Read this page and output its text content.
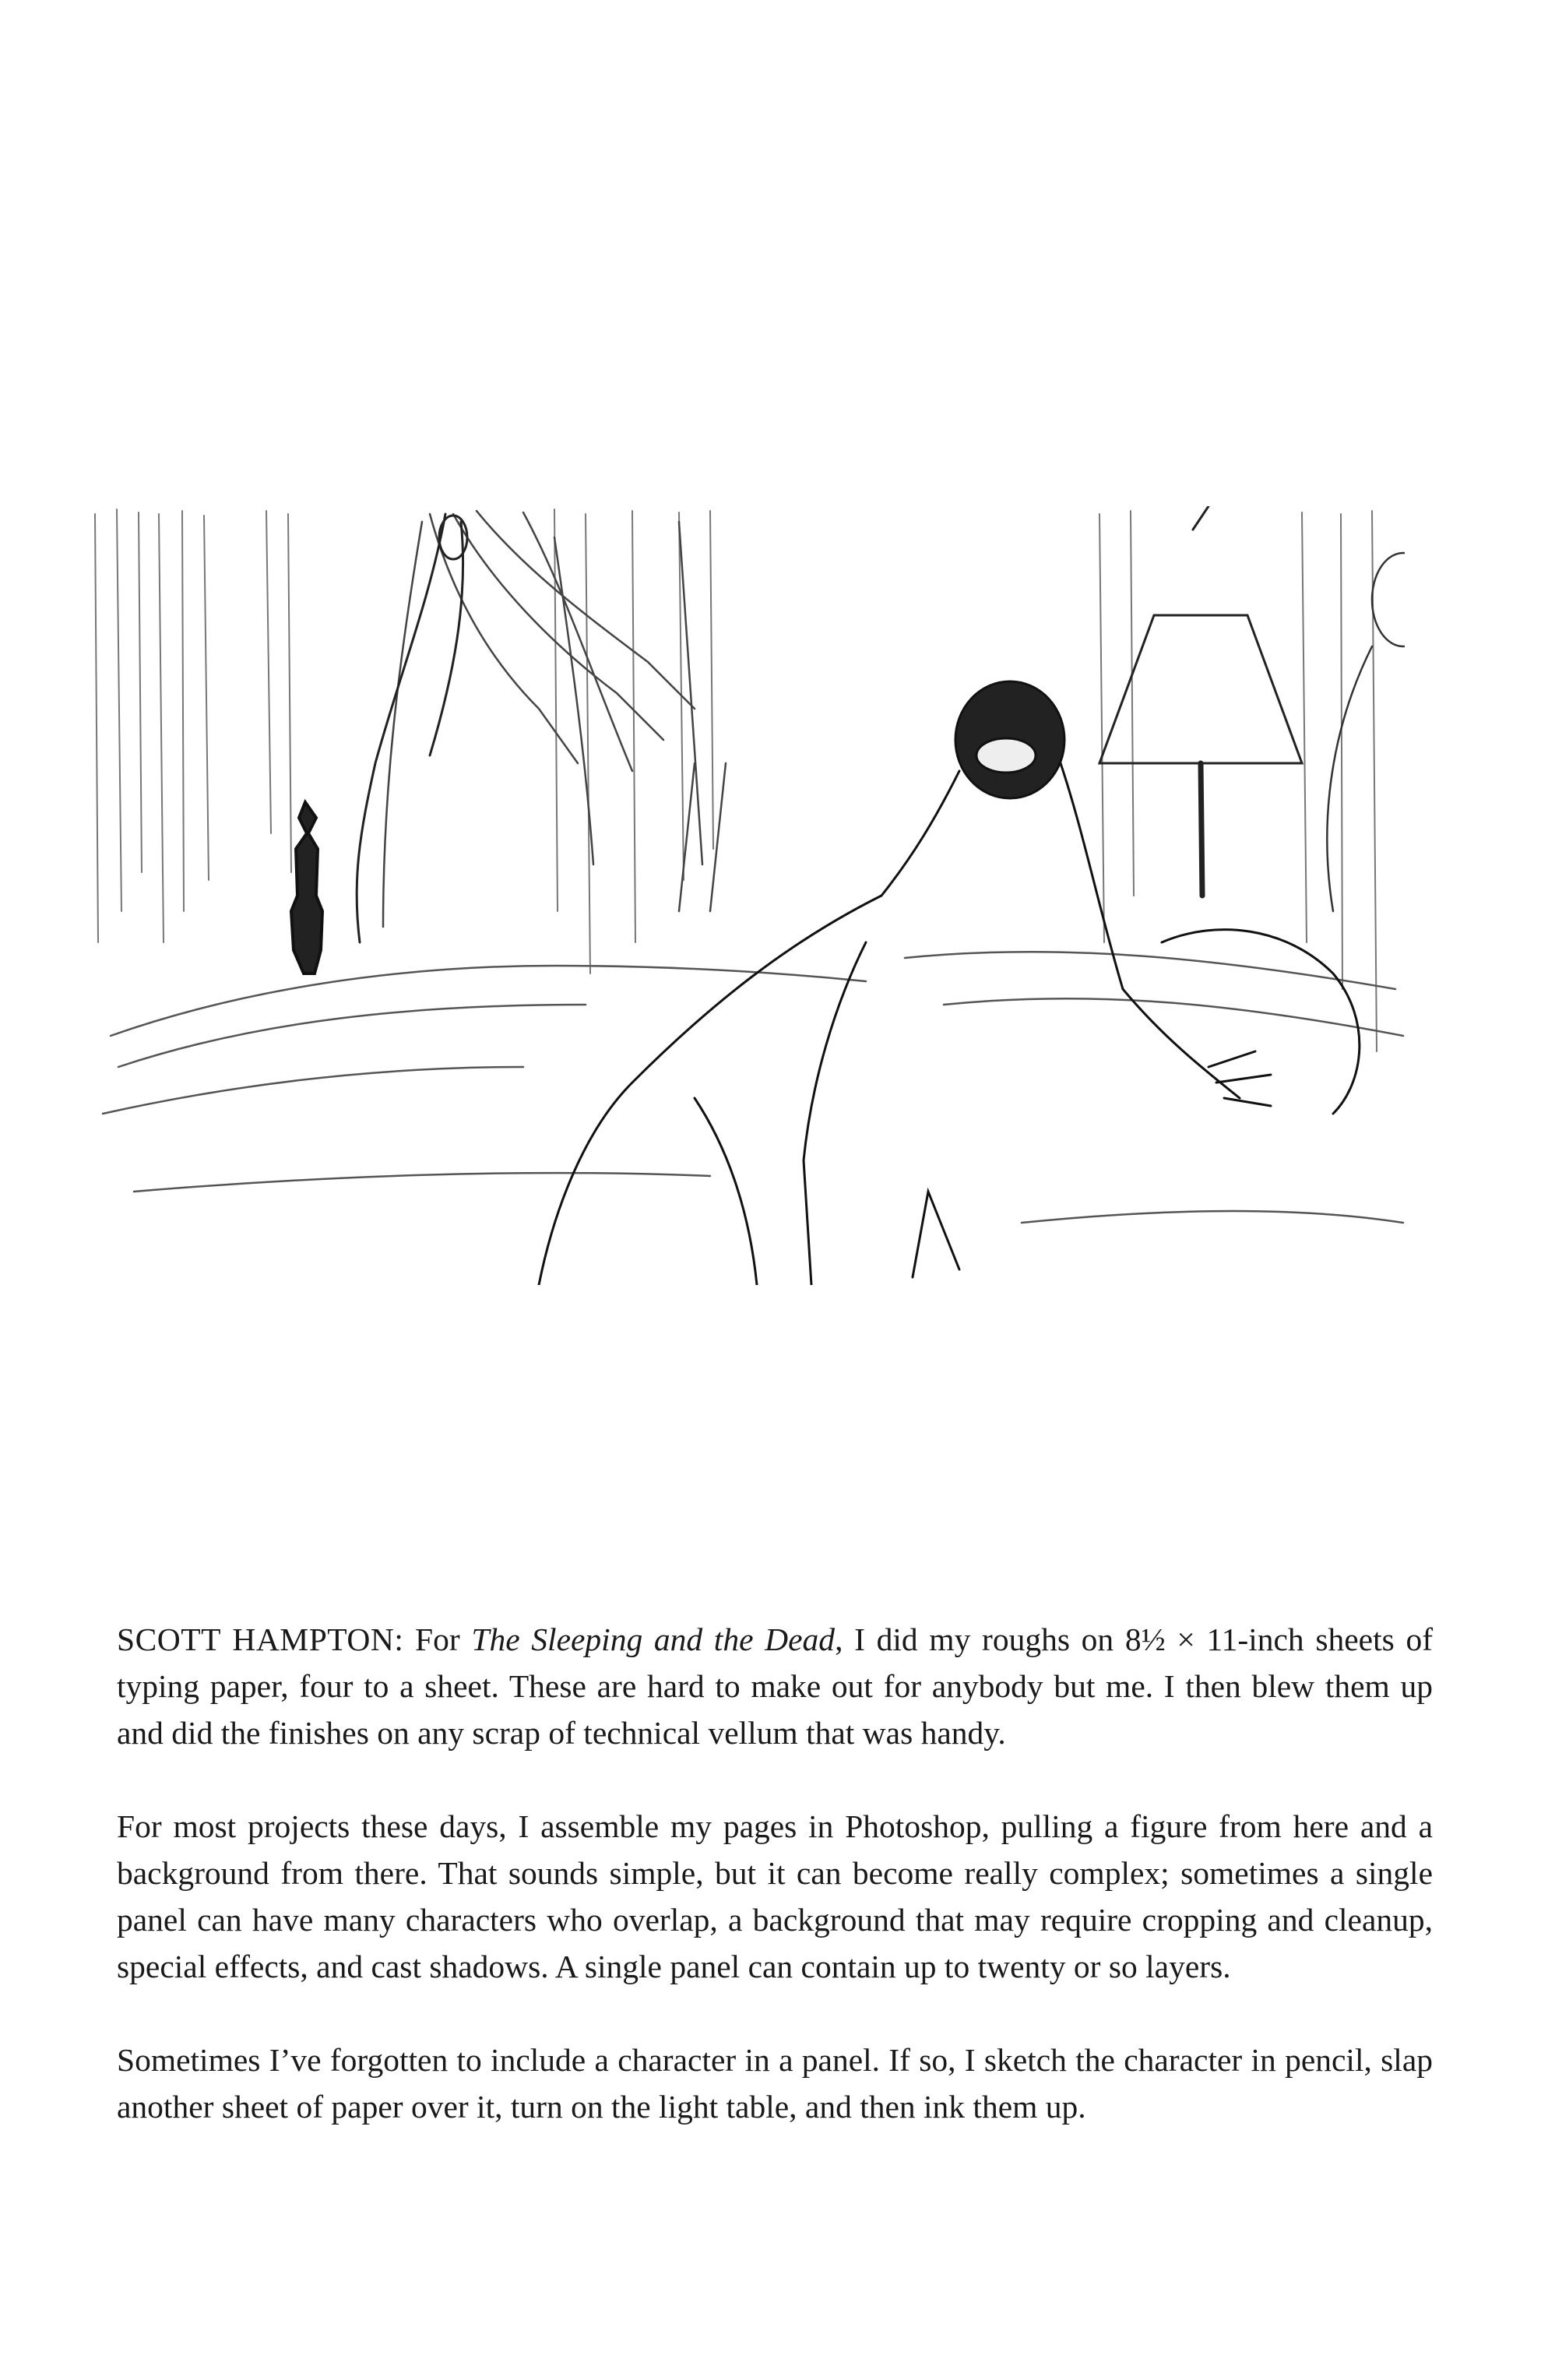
SCOTT HAMPTON: For The Sleeping and the Dead, I did my roughs on 8½ × 11-inch sheets of typing paper, four to a sheet. These are hard to make out for anybody but me. I then blew them up and did the finishes on any scrap of technical vellum that was handy.

For most projects these days, I assemble my pages in Photoshop, pulling a figure from here and a background from there. That sounds simple, but it can become really complex; sometimes a single panel can have many characters who overlap, a background that may require cropping and cleanup, special effects, and cast shadows. A single panel can contain up to twenty or so layers.

Sometimes I’ve forgotten to include a character in a panel. If so, I sketch the character in pencil, slap another sheet of paper over it, turn on the light table, and then ink them up.
